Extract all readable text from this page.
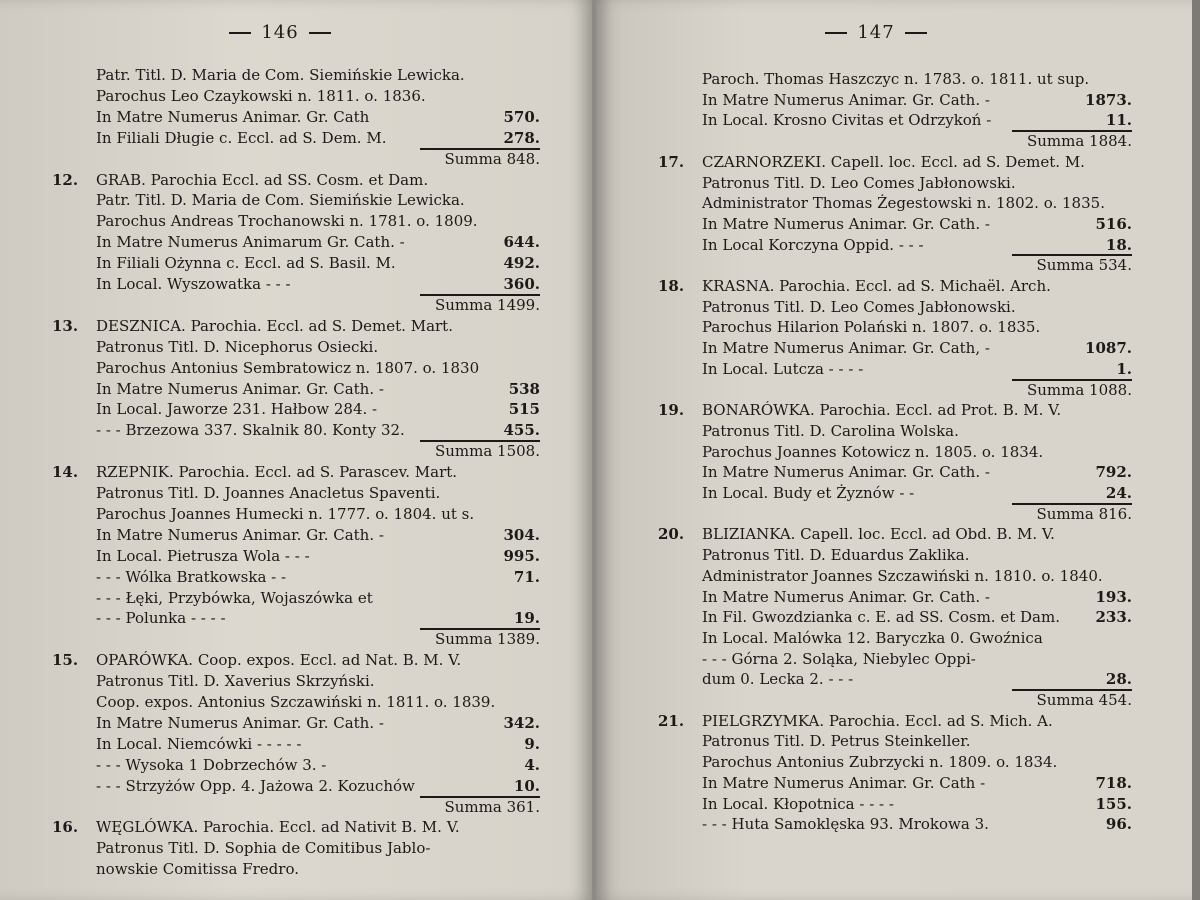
146
Patr. Titl. D. Maria de Com. Siemińskie Lewicka.
Parochus Leo Czaykowski n. 1811. o. 1836.
In Matre Numerus Animar. Gr. Cath	570.
In Filiali Długie c. Eccl. ad S. Dem. M.	278.
Summa 848.
12. GRAB. Parochia Eccl. ad SS. Cosm. et Dam.
Patr. Titl. D. Maria de Com. Siemińskie Lewicka.
Parochus Andreas Trochanowski n. 1781. o. 1809.
In Matre Numerus Animarum Gr. Cath. -	644.
In Filiali Ożynna c. Eccl. ad S. Basil. M.	492.
In Local. Wyszowatka - - -	360.
Summa 1499.
13. DESZNICA. Parochia. Eccl. ad S. Demet. Mart.
Patronus Titl. D. Nicephorus Osiecki.
Parochus Antonius Sembratowicz n. 1807. o. 1830
In Matre Numerus Animar. Gr. Cath. -	538
In Local. Jaworze 231. Hałbow 284. -	515
- - - Brzezowa 337. Skalnik 80. Konty 32.	455.
Summa 1508.
14. RZEPNIK. Parochia. Eccl. ad S. Parascev. Mart.
Patronus Titl. D. Joannes Anacletus Spaventi.
Parochus Joannes Humecki n. 1777. o. 1804. ut s.
In Matre Numerus Animar. Gr. Cath. -	304.
In Local. Pietrusza Wola - - -	995.
- - - Wólka Bratkowska - -	71.
- - - Łęki, Przybówka, Wojaszówka et
- - - Polunka - - - -	19.
Summa 1389.
15. OPARÓWKA. Coop. expos. Eccl. ad Nat. B. M. V.
Patronus Titl. D. Xaverius Skrzyński.
Coop. expos. Antonius Szczawiński n. 1811. o. 1839.
In Matre Numerus Animar. Gr. Cath. -	342.
In Local. Niemcówki - - - - -	9.
- - - Wysoka 1 Dobrzechów 3. -	4.
- - - Strzyżów Opp. 4. Jażowa 2. Kozuchów	10.
Summa 361.
16. WĘGLÓWKA. Parochia. Eccl. ad Nativit B. M. V.
Patronus Titl. D. Sophia de Comitibus Jablo-
nowskie Comitissa Fredro.
147
Paroch. Thomas Haszczyc n. 1783. o. 1811. ut sup.
In Matre Numerus Animar. Gr. Cath. -	1873.
In Local. Krosno Civitas et Odrzykoń -	11.
Summa 1884.
17. CZARNORZEKI. Capell. loc. Eccl. ad S. Demet. M.
Patronus Titl. D. Leo Comes Jabłonowski.
Administrator Thomas Żegestowski n. 1802. o. 1835.
In Matre Numerus Animar. Gr. Cath. -	516.
In Local Korczyna Oppid. - - -	18.
Summa 534.
18. KRASNA. Parochia. Eccl. ad S. Michaël. Arch.
Patronus Titl. D. Leo Comes Jabłonowski.
Parochus Hilarion Polański n. 1807. o. 1835.
In Matre Numerus Animar. Gr. Cath, -	1087.
In Local. Lutcza - - - -	1.
Summa 1088.
19. BONARÓWKA. Parochia. Eccl. ad Prot. B. M. V.
Patronus Titl. D. Carolina Wolska.
Parochus Joannes Kotowicz n. 1805. o. 1834.
In Matre Numerus Animar. Gr. Cath. -	792.
In Local. Budy et Żyznów - -	24.
Summa 816.
20. BLIZIANKA. Capell. loc. Eccl. ad Obd. B. M. V.
Patronus Titl. D. Eduardus Zaklika.
Administrator Joannes Szczawiński n. 1810. o. 1840.
In Matre Numerus Animar. Gr. Cath. -	193.
In Fil. Gwozdzianka c. E. ad SS. Cosm. et Dam. 233.
In Local. Malówka 12. Baryczka 0. Gwoźnica
- - - Górna 2. Soląka, Niebylec Oppi-
dum 0. Lecka 2. - - -	28.
Summa 454.
21. PIELGRZYMKA. Parochia. Eccl. ad S. Mich. A.
Patronus Titl. D. Petrus Steinkeller.
Parochus Antonius Zubrzycki n. 1809. o. 1834.
In Matre Numerus Animar. Gr. Cath -	718.
In Local. Kłopotnica - - - -	155.
- - - Huta Samoklęska 93. Mrokowa 3.	96.
